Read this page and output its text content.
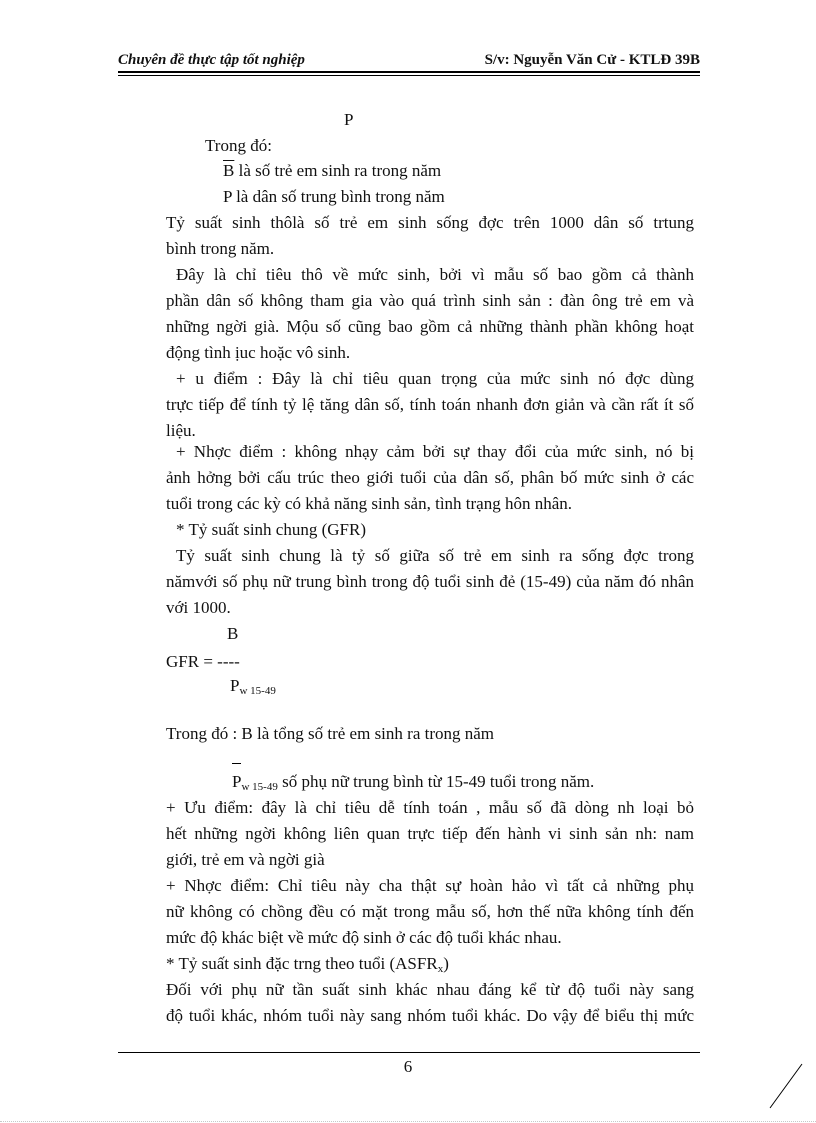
Chuyên đề thực tập tốt nghiệp	S/v: Nguyễn Văn Cử - KTLĐ 39B
P
Trong đó:
$\overline{B}$ là số trẻ em sinh ra trong năm
P là dân số trung bình trong năm
Tỷ suất sinh thôlà số trẻ em sinh sống đợc trên 1000 dân số trtung
bình trong năm.
Đây là chỉ tiêu thô về mức sinh, bởi vì mẫu số bao gồm cả thành
phần dân số không tham gia vào quá trình sinh sản : đàn ông trẻ em và
những ngời già. Mộu số cũng bao gồm cả những thành phần không hoạt
động tình ịuc hoặc vô sinh.
+ u điểm : Đây là chỉ tiêu quan trọng của mức sinh nó đợc dùng
trực tiếp để tính tỷ lệ tăng dân số, tính toán nhanh đơn giản và cần rất ít số
liệu.
+ Nhợc điểm : không nhạy cảm bởi sự thay đổi của mức sinh, nó bị
ảnh hởng bởi cấu trúc theo giới tuổi của dân số, phân bố mức sinh ở các
tuổi trong các kỳ có khả năng sinh sản, tình trạng hôn nhân.
* Tỷ suất sinh chung (GFR)
Tỷ suất sinh chung là tỷ số giữa số trẻ em sinh ra sống đợc trong
nămvới số phụ nữ trung bình trong độ tuổi sinh đẻ (15-49) của năm đó nhân
với 1000.
B
GFR = ----
$P_{w 15-49}$
Trong đó : B là tổng số trẻ em sinh ra trong năm
$P_{w 15-49}$ số phụ nữ trung bình từ 15-49 tuổi trong năm.
+ Ưu điểm: đây là chỉ tiêu dễ tính toán , mẫu số đã dòng nh loại bỏ
hết những ngời không liên quan trực tiếp đến hành vi sinh sản nh: nam
giới, trẻ em và ngời già
+ Nhợc điểm: Chỉ tiêu này cha thật sự hoàn hảo vì tất cả những phụ
nữ không có chồng đều có mặt trong mẫu số, hơn thế nữa không tính đến
mức độ khác biệt về mức độ sinh ở các độ tuổi khác nhau.
* Tỷ suất sinh đặc trng theo tuổi $(ASFR_x)$
Đối với phụ nữ tần suất sinh khác nhau đáng kể từ độ tuổi này sang
độ tuổi khác, nhóm tuổi này sang nhóm tuổi khác. Do vậy để biểu thị mức
6
